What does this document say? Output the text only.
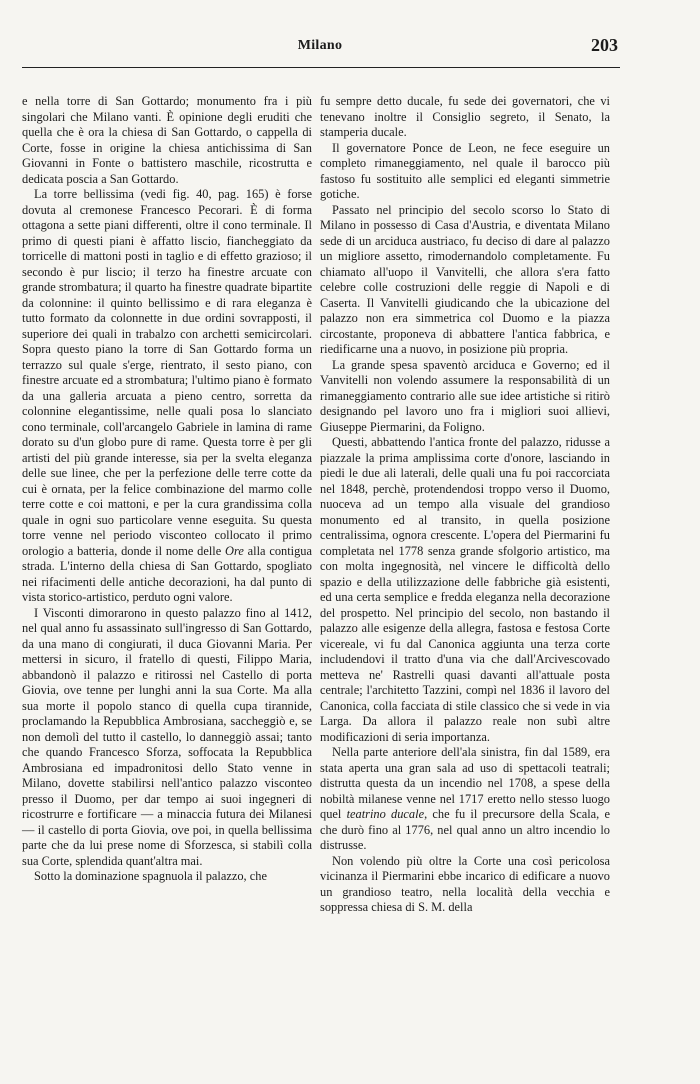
Milano	203

e nella torre di San Gottardo; monumento fra i più singolari che Milano vanti. È opinione degli eruditi che quella che è ora la chiesa di San Gottardo, o cappella di Corte, fosse in origine la chiesa antichissima di San Giovanni in Fonte o battistero maschile, ricostrutta e dedicata poscia a San Gottardo.

La torre bellissima (vedi fig. 40, pag. 165) è forse dovuta al cremonese Francesco Pecorari. È di forma ottagona a sette piani differenti, oltre il cono terminale. Il primo di questi piani è affatto liscio, fiancheggiato da torricelle di mattoni posti in taglio e di effetto grazioso; il secondo è pur liscio; il terzo ha finestre arcuate con grande strombatura; il quarto ha finestre quadrate bipartite da colonnine: il quinto bellissimo e di rara eleganza è tutto formato da colonnette in due ordini sovrapposti, il superiore dei quali in trabalzo con archetti semicircolari. Sopra questo piano la torre di San Gottardo forma un terrazzo sul quale s'erge, rientrato, il sesto piano, con finestre arcuate ed a strombatura; l'ultimo piano è formato da una galleria arcuata a pieno centro, sorretta da colonnine elegantissime, nelle quali posa lo slanciato cono terminale, coll'arcangelo Gabriele in lamina di rame dorato su d'un globo pure di rame. Questa torre è per gli artisti del più grande interesse, sia per la svelta eleganza delle sue linee, che per la perfezione delle terre cotte da cui è ornata, per la felice combinazione del marmo colle terre cotte e coi mattoni, e per la cura grandissima colla quale in ogni suo particolare venne eseguita. Su questa torre venne nel periodo visconteo collocato il primo orologio a batteria, donde il nome delle Ore alla contigua strada. L'interno della chiesa di San Gottardo, spogliato nei rifacimenti delle antiche decorazioni, ha dal punto di vista storico-artistico, perduto ogni valore.

I Visconti dimorarono in questo palazzo fino al 1412, nel qual anno fu assassinato sull'ingresso di San Gottardo, da una mano di congiurati, il duca Giovanni Maria. Per mettersi in sicuro, il fratello di questi, Filippo Maria, abbandonò il palazzo e ritirossi nel Castello di porta Giovia, ove tenne per lunghi anni la sua Corte. Ma alla sua morte il popolo stanco di quella cupa tirannide, proclamando la Repubblica Ambrosiana, saccheggiò e, se non demolì del tutto il castello, lo danneggiò assai; tanto che quando Francesco Sforza, soffocata la Repubblica Ambrosiana ed impadronitosi dello Stato venne in Milano, dovette stabilirsi nell'antico palazzo visconteo presso il Duomo, per dar tempo ai suoi ingegneri di ricostrurre e fortificare — a minaccia futura dei Milanesi — il castello di porta Giovia, ove poi, in quella bellissima parte che da lui prese nome di Sforzesca, si stabilì colla sua Corte, splendida quant'altra mai.

Sotto la dominazione spagnuola il palazzo, che

fu sempre detto ducale, fu sede dei governatori, che vi tenevano inoltre il Consiglio segreto, il Senato, la stamperia ducale.

Il governatore Ponce de Leon, ne fece eseguire un completo rimaneggiamento, nel quale il barocco più fastoso fu sostituito alle semplici ed eleganti simmetrie gotiche.

Passato nel principio del secolo scorso lo Stato di Milano in possesso di Casa d'Austria, e diventata Milano sede di un arciduca austriaco, fu deciso di dare al palazzo un migliore assetto, rimodernandolo completamente. Fu chiamato all'uopo il Vanvitelli, che allora s'era fatto celebre colle costruzioni delle reggie di Napoli e di Caserta. Il Vanvitelli giudicando che la ubicazione del palazzo non era simmetrica col Duomo e la piazza circostante, proponeva di abbattere l'antica fabbrica, e riedificarne una a nuovo, in posizione più propria.

La grande spesa spaventò arciduca e Governo; ed il Vanvitelli non volendo assumere la responsabilità di un rimaneggiamento contrario alle sue idee artistiche si ritirò designando pel lavoro uno fra i migliori suoi allievi, Giuseppe Piermarini, da Foligno.

Questi, abbattendo l'antica fronte del palazzo, ridusse a piazzale la prima amplissima corte d'onore, lasciando in piedi le due ali laterali, delle quali una fu poi raccorciata nel 1848, perchè, protendendosi troppo verso il Duomo, nuoceva ad un tempo alla visuale del grandioso monumento ed al transito, in quella posizione centralissima, ognora crescente. L'opera del Piermarini fu completata nel 1778 senza grande sfolgorio artistico, ma con molta ingegnosità, nel vincere le difficoltà dello spazio e della utilizzazione delle fabbriche già esistenti, ed una certa semplice e fredda eleganza nella decorazione del prospetto. Nel principio del secolo, non bastando il palazzo alle esigenze della allegra, fastosa e festosa Corte vicereale, vi fu dal Canonica aggiunta una terza corte includendovi il tratto d'una via che dall'Arcivescovado metteva ne' Rastrelli quasi davanti all'attuale posta centrale; l'architetto Tazzini, compì nel 1836 il lavoro del Canonica, colla facciata di stile classico che si vede in via Larga. Da allora il palazzo reale non subì altre modificazioni di seria importanza.

Nella parte anteriore dell'ala sinistra, fin dal 1589, era stata aperta una gran sala ad uso di spettacoli teatrali; distrutta questa da un incendio nel 1708, a spese della nobiltà milanese venne nel 1717 eretto nello stesso luogo quel teatrino ducale, che fu il precursore della Scala, e che durò fino al 1776, nel qual anno un altro incendio lo distrusse.

Non volendo più oltre la Corte una così pericolosa vicinanza il Piermarini ebbe incarico di edificare a nuovo un grandioso teatro, nella località della vecchia e soppressa chiesa di S. M. della
